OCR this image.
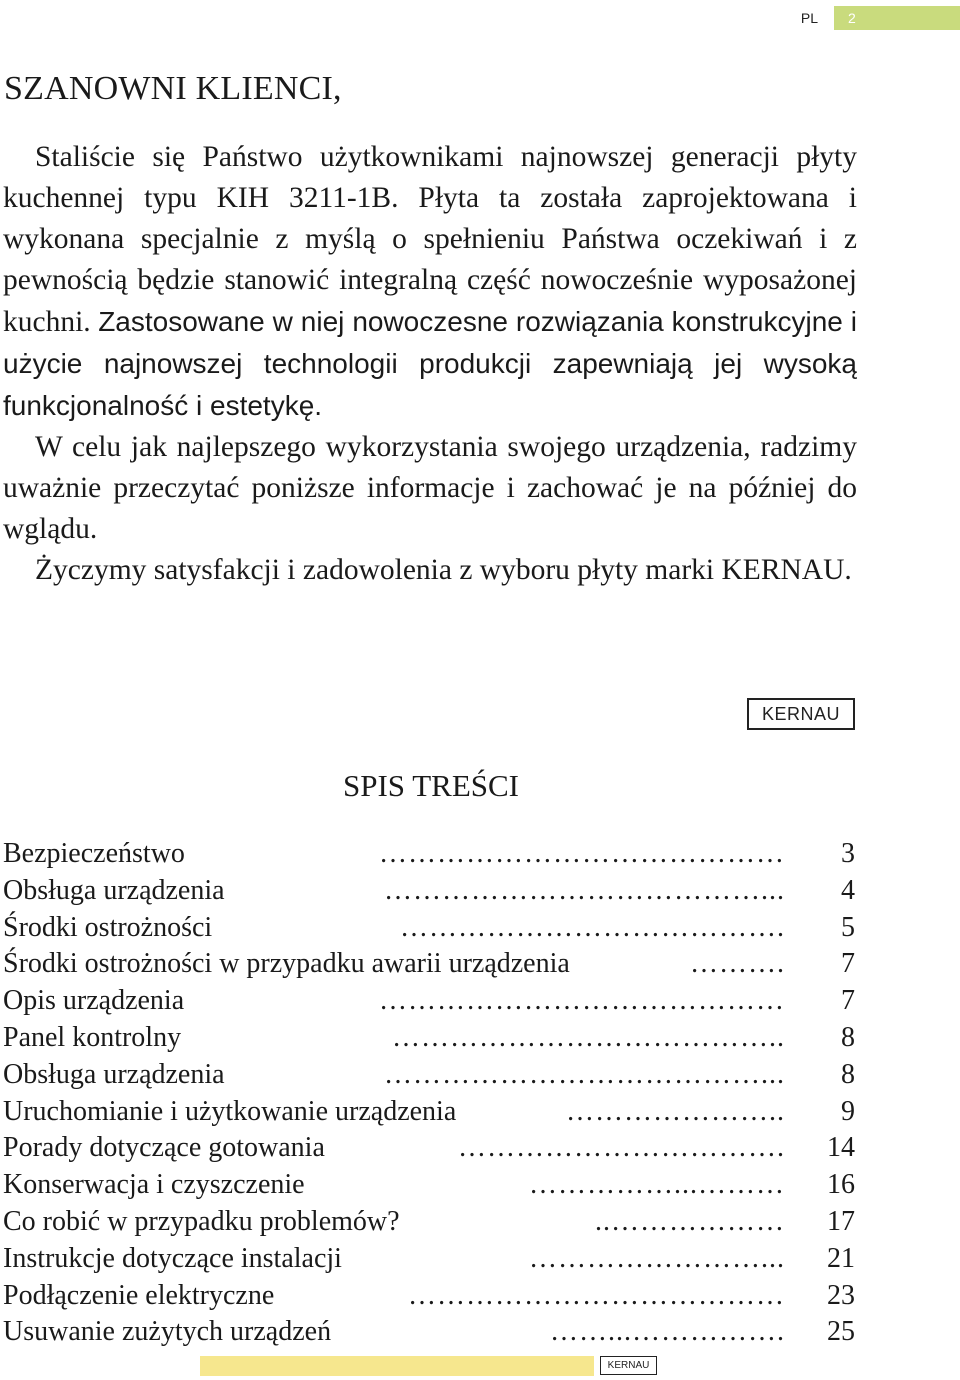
PL	2
SZANOWNI KLIENCI,

Staliście się Państwo użytkownikami najnowszej generacji płyty kuchennej typu KIH 3211-1B. Płyta ta została zaprojektowana i wykonana specjalnie z myślą o spełnieniu Państwa oczekiwań i z pewnością będzie stanowić integralną część nowocześnie wyposażonej kuchni. Zastosowane w niej nowoczesne rozwiązania konstrukcyjne i użycie najnowszej technologii produkcji zapewniają jej wysoką funkcjonalność i estetykę.

W celu jak najlepszego wykorzystania swojego urządzenia, radzimy uważnie przeczytać poniższe informacje i zachować je na później do wglądu.

Życzymy satysfakcji i zadowolenia z wyboru płyty marki KERNAU.

KERNAU
SPIS TREŚCI
Bezpieczeństwo	……………………………………	3
Obsługa urządzenia	…………………………………...	4
Środki ostrożności	………………………………….	5
Środki ostrożności w przypadku awarii urządzenia	……….	7
Opis urządzenia	……………………………………	7
Panel kontrolny	…………………………………..	8
Obsługa urządzenia	…………………………………...	8
Uruchomianie i użytkowanie urządzenia	…………………..	9
Porady dotyczące gotowania	…………………………….	14
Konserwacja i czyszczenie	……………...………	16
Co robić w przypadku problemów?	..………………	17
Instrukcje dotyczące instalacji	……………………...	21
Podłączenie elektryczne	…………………………………	23
Usuwanie zużytych urządzeń	……...…………….	25
KERNAU
